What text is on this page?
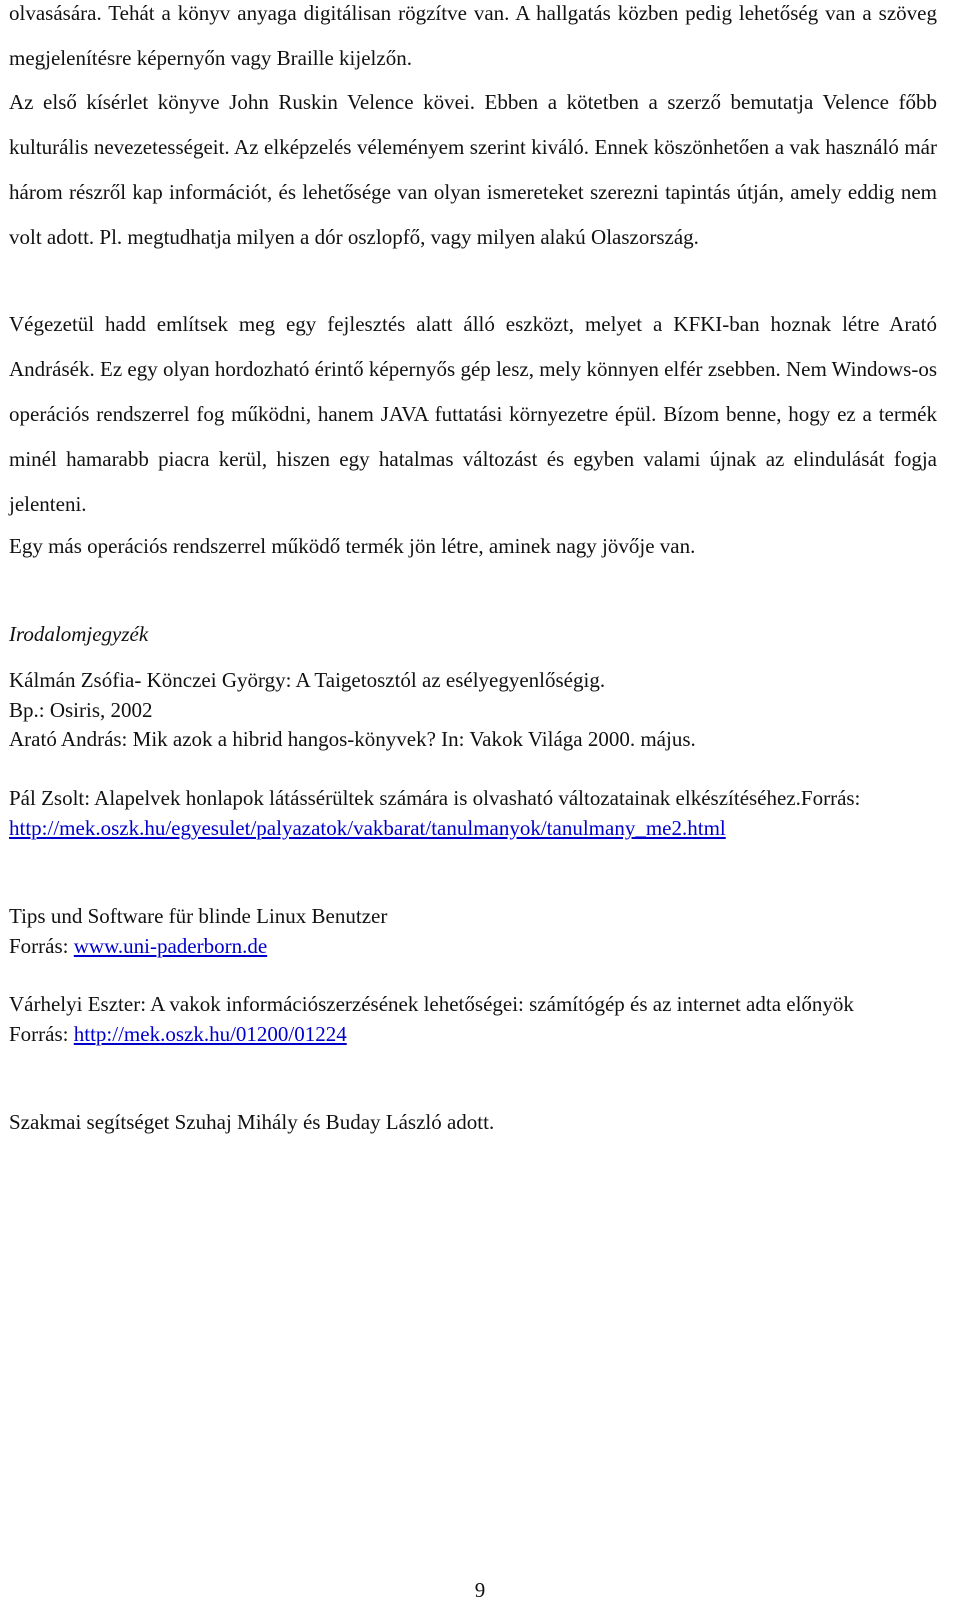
olvasására. Tehát a könyv anyaga digitálisan rögzítve van. A hallgatás közben pedig lehetőség van a szöveg megjelenítésre képernyőn vagy Braille kijelzőn.

Az első kísérlet könyve John Ruskin Velence kövei. Ebben a kötetben a szerző bemutatja Velence főbb kulturális nevezetességeit. Az elképzelés véleményem szerint kiváló. Ennek köszönhetően a vak használó már három részről kap információt, és lehetősége van olyan ismereteket szerezni tapintás útján, amely eddig nem volt adott. Pl. megtudhatja milyen a dór oszlopfő, vagy milyen alakú Olaszország.

Végezetül hadd említsek meg egy fejlesztés alatt álló eszközt, melyet a KFKI-ban hoznak létre Arató Andrásék. Ez egy olyan hordozható érintő képernyős gép lesz, mely könnyen elfér zsebben. Nem Windows-os operációs rendszerrel fog működni, hanem JAVA futtatási környezetre épül. Bízom benne, hogy ez a termék minél hamarabb piacra kerül, hiszen egy hatalmas változást és egyben valami újnak az elindulását fogja jelenteni.

Egy más operációs rendszerrel működő termék jön létre, aminek nagy jövője van.

Irodalomjegyzék

Kálmán Zsófia- Könczei György: A Taigetosztól az esélyegyenlőségig.

Bp.: Osiris, 2002

Arató András: Mik azok a hibrid hangos-könyvek? In: Vakok Világa 2000. május.

Pál Zsolt: Alapelvek honlapok látássérültek számára is olvasható változatainak elkészítéséhez.Forrás:

http://mek.oszk.hu/egyesulet/palyazatok/vakbarat/tanulmanyok/tanulmany_me2.html

Tips und Software für blinde Linux Benutzer

Forrás: www.uni-paderborn.de

Várhelyi Eszter: A vakok információszerzésének lehetőségei: számítógép és az internet adta előnyök

Forrás: http://mek.oszk.hu/01200/01224

Szakmai segítséget Szuhaj Mihály és Buday László adott.

9
